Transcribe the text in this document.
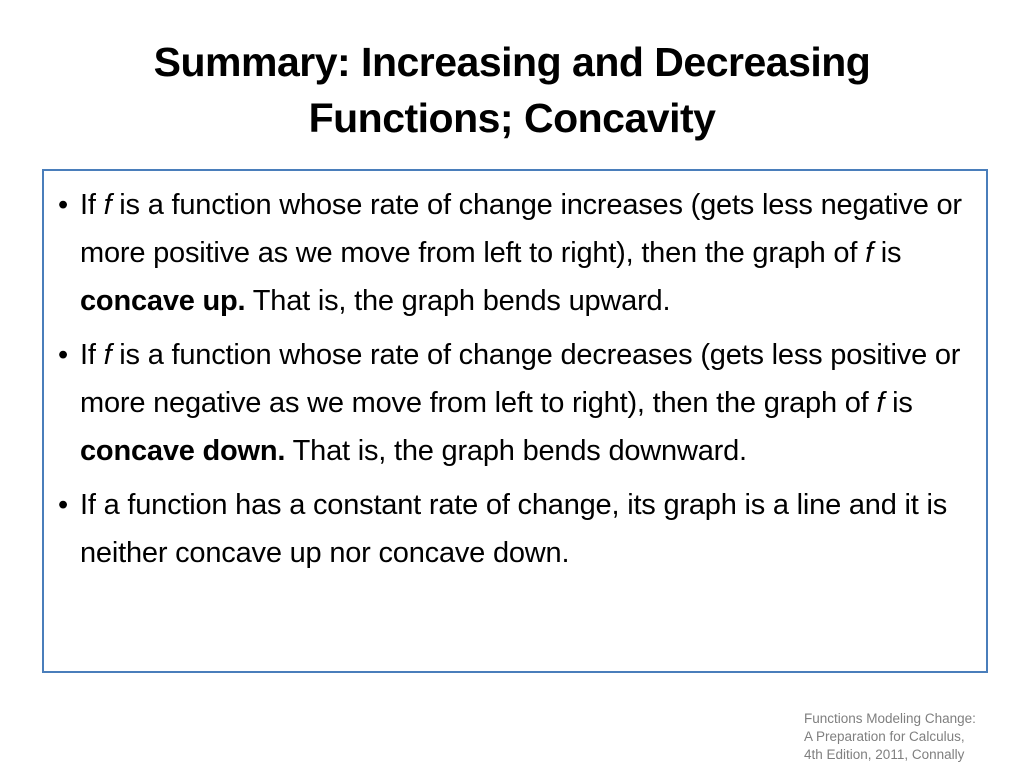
Summary: Increasing and Decreasing
Functions; Concavity
• If f is a function whose rate of change increases (gets less negative or more positive as we move from left to right), then the graph of f is concave up. That is, the graph bends upward.
• If f is a function whose rate of change decreases (gets less positive or more negative as we move from left to right), then the graph of f is concave down. That is, the graph bends downward.
• If a function has a constant rate of change, its graph is a line and it is neither concave up nor concave down.
Functions Modeling Change:
A Preparation for Calculus,
4th Edition, 2011, Connally
